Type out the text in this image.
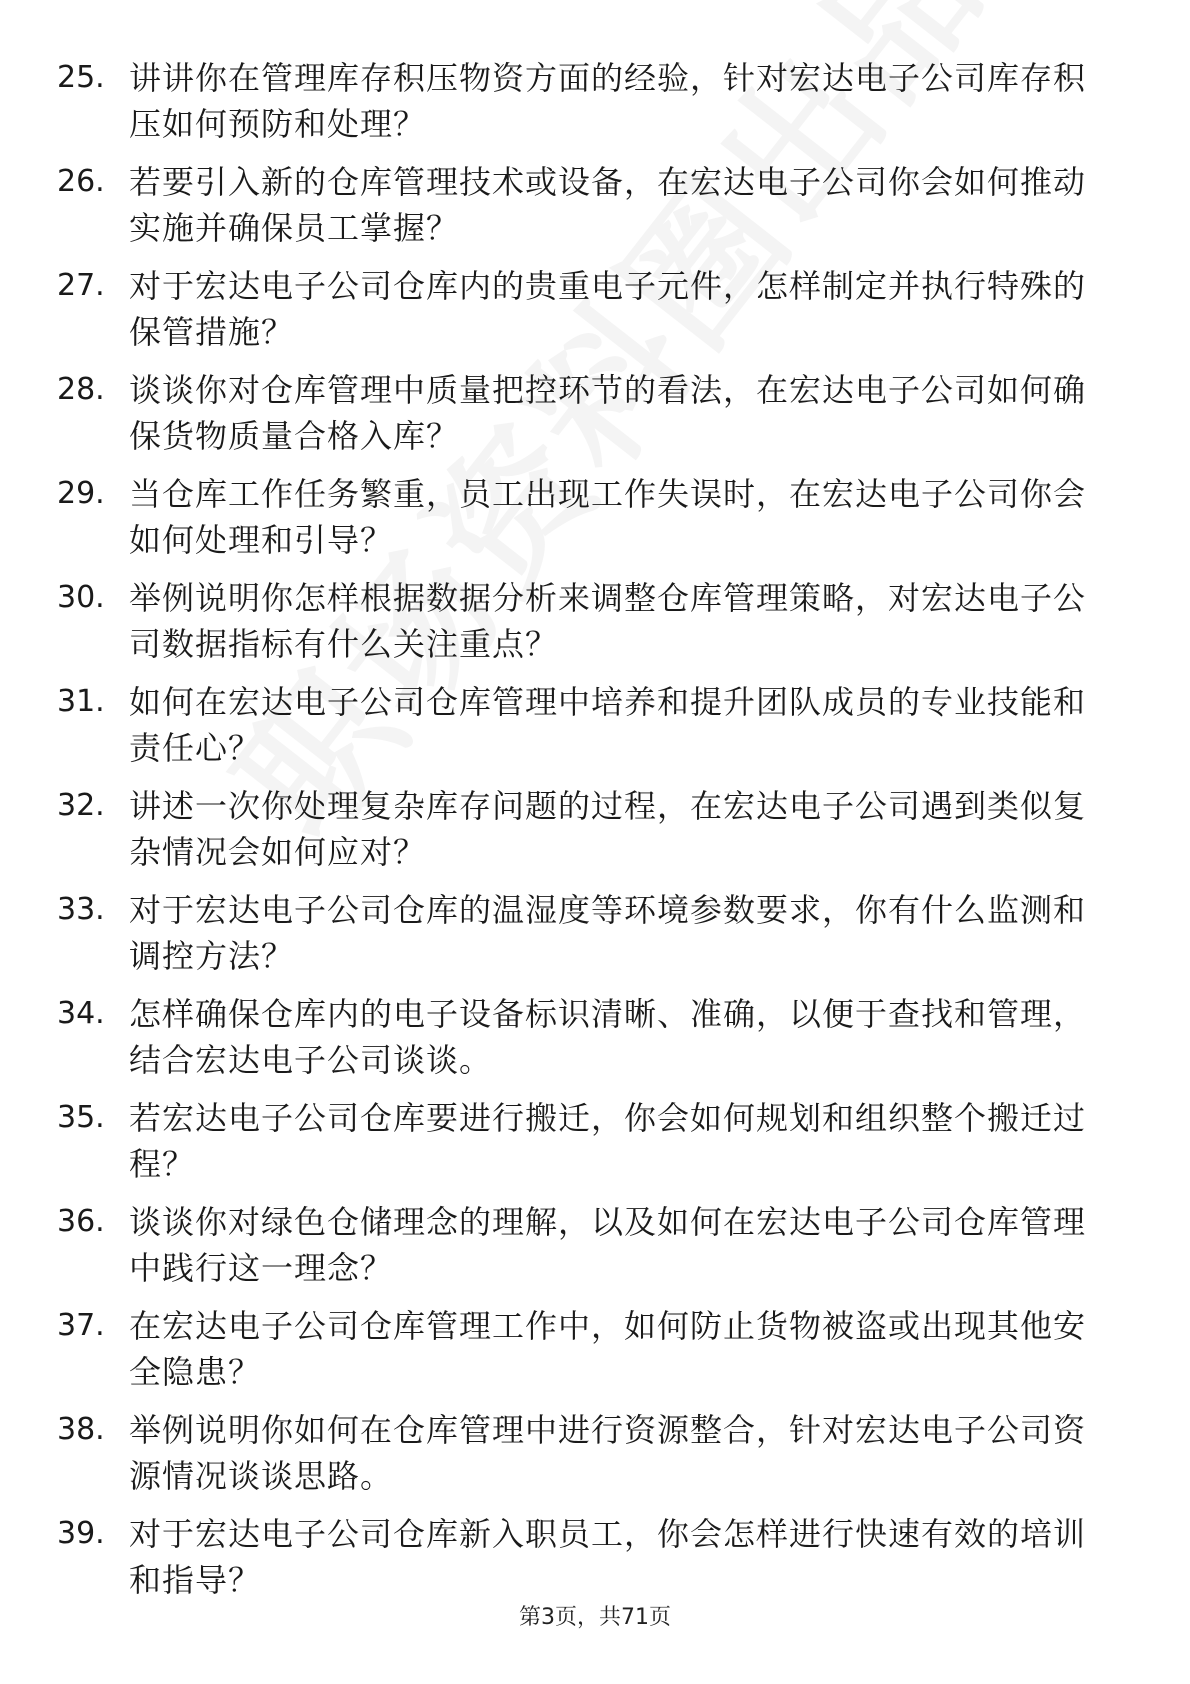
25. 讲讲你在管理库存积压物资方面的经验，针对宏达电子公司库存积压如何预防和处理？
26. 若要引入新的仓库管理技术或设备，在宏达电子公司你会如何推动实施并确保员工掌握？
27. 对于宏达电子公司仓库内的贵重电子元件，怎样制定并执行特殊的保管措施？
28. 谈谈你对仓库管理中质量把控环节的看法，在宏达电子公司如何确保货物质量合格入库？
29. 当仓库工作任务繁重，员工出现工作失误时，在宏达电子公司你会如何处理和引导？
30. 举例说明你怎样根据数据分析来调整仓库管理策略，对宏达电子公司数据指标有什么关注重点？
31. 如何在宏达电子公司仓库管理中培养和提升团队成员的专业技能和责任心？
32. 讲述一次你处理复杂库存问题的过程，在宏达电子公司遇到类似复杂情况会如何应对？
33. 对于宏达电子公司仓库的温湿度等环境参数要求，你有什么监测和调控方法？
34. 怎样确保仓库内的电子设备标识清晰、准确，以便于查找和管理，结合宏达电子公司谈谈。
35. 若宏达电子公司仓库要进行搬迁，你会如何规划和组织整个搬迁过程？
36. 谈谈你对绿色仓储理念的理解，以及如何在宏达电子公司仓库管理中践行这一理念？
37. 在宏达电子公司仓库管理工作中，如何防止货物被盗或出现其他安全隐患？
38. 举例说明你如何在仓库管理中进行资源整合，针对宏达电子公司资源情况谈谈思路。
39. 对于宏达电子公司仓库新入职员工，你会怎样进行快速有效的培训和指导？
第3页，共71页
